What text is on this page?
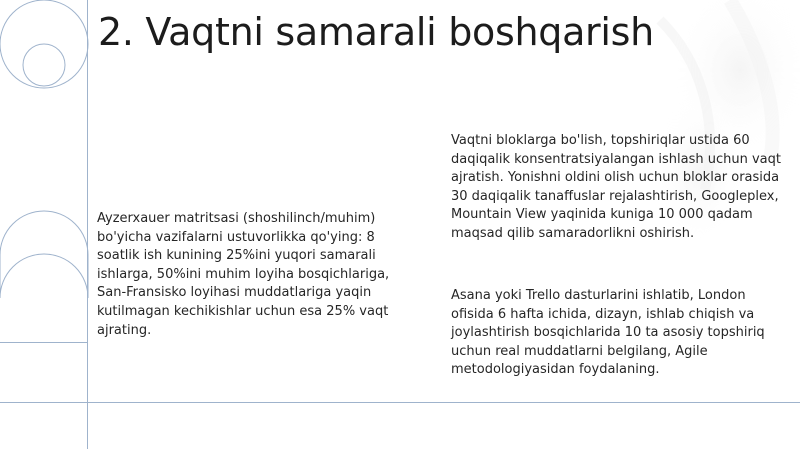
2. Vaqtni samarali boshqarish

Ayzerxauer matritsasi (shoshilinch/muhim) bo'yicha vazifalarni ustuvorlikka qo'ying: 8 soatlik ish kunining 25%ini yuqori samarali ishlarga, 50%ini muhim loyiha bosqichlariga, San-Fransisko loyihasi muddatlariga yaqin kutilmagan kechikishlar uchun esa 25% vaqt ajrating.

Vaqtni bloklarga bo'lish, topshiriqlar ustida 60 daqiqalik konsentratsiyalangan ishlash uchun vaqt ajratish. Yonishni oldini olish uchun bloklar orasida 30 daqiqalik tanaffuslar rejalashtirish, Googleplex, Mountain View yaqinida kuniga 10 000 qadam maqsad qilib samaradorlikni oshirish.

Asana yoki Trello dasturlarini ishlatib, London ofisida 6 hafta ichida, dizayn, ishlab chiqish va joylashtirish bosqichlarida 10 ta asosiy topshiriq uchun real muddatlarni belgilang, Agile metodologiyasidan foydalaning.
